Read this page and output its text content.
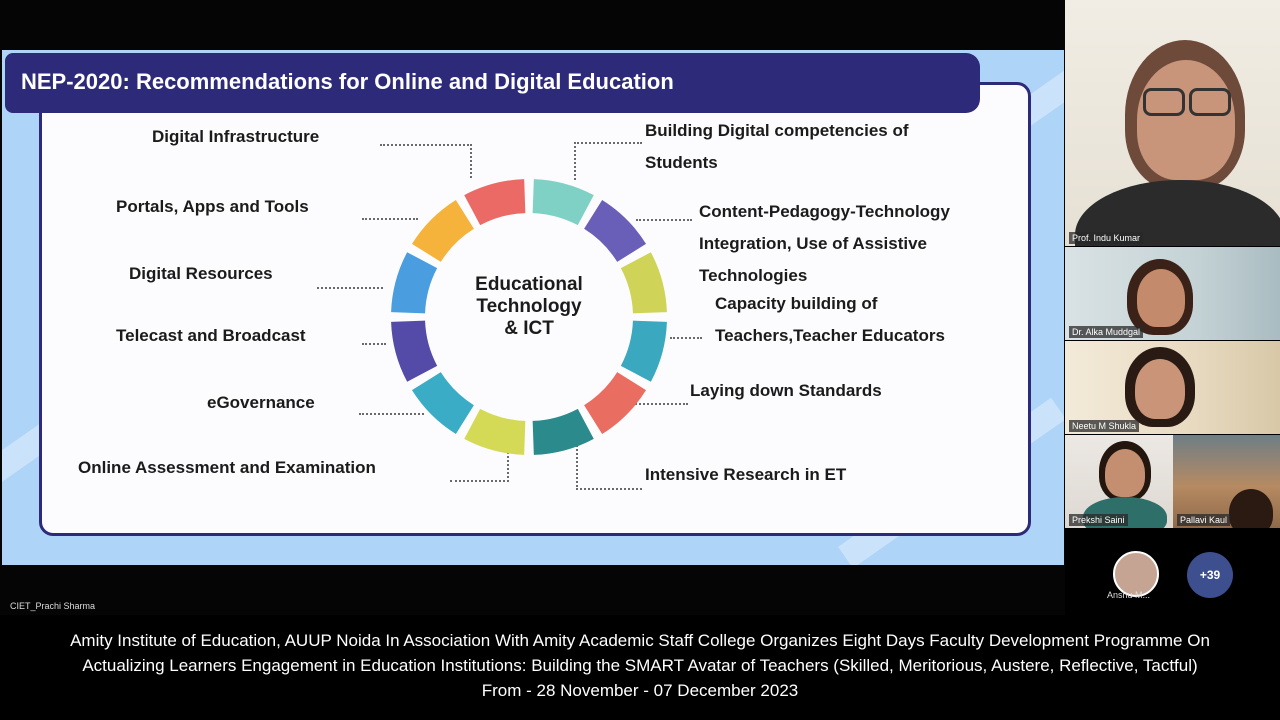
NEP-2020: Recommendations for Online and Digital Education
Digital Infrastructure
Portals, Apps and Tools
Digital Resources
Telecast and Broadcast
eGovernance
Online Assessment and Examination
Building Digital competencies of
Students
Content-Pedagogy-Technology
Integration, Use of Assistive
Technologies
Capacity building of
Teachers,Teacher Educators
Laying down Standards
Intensive Research in ET
Educational
Technology
& ICT
CIET_Prachi Sharma
Prof. Indu Kumar
Dr. Alka Muddgal
Neetu M Shukla
Prekshi Saini	Pallavi Kaul
Anshu M...
+39
Amity Institute of Education, AUUP Noida In Association With Amity Academic Staff College Organizes Eight Days Faculty Development Programme On
Actualizing Learners Engagement in Education Institutions: Building the SMART Avatar of Teachers (Skilled, Meritorious, Austere, Reflective, Tactful)
From - 28 November - 07 December 2023
